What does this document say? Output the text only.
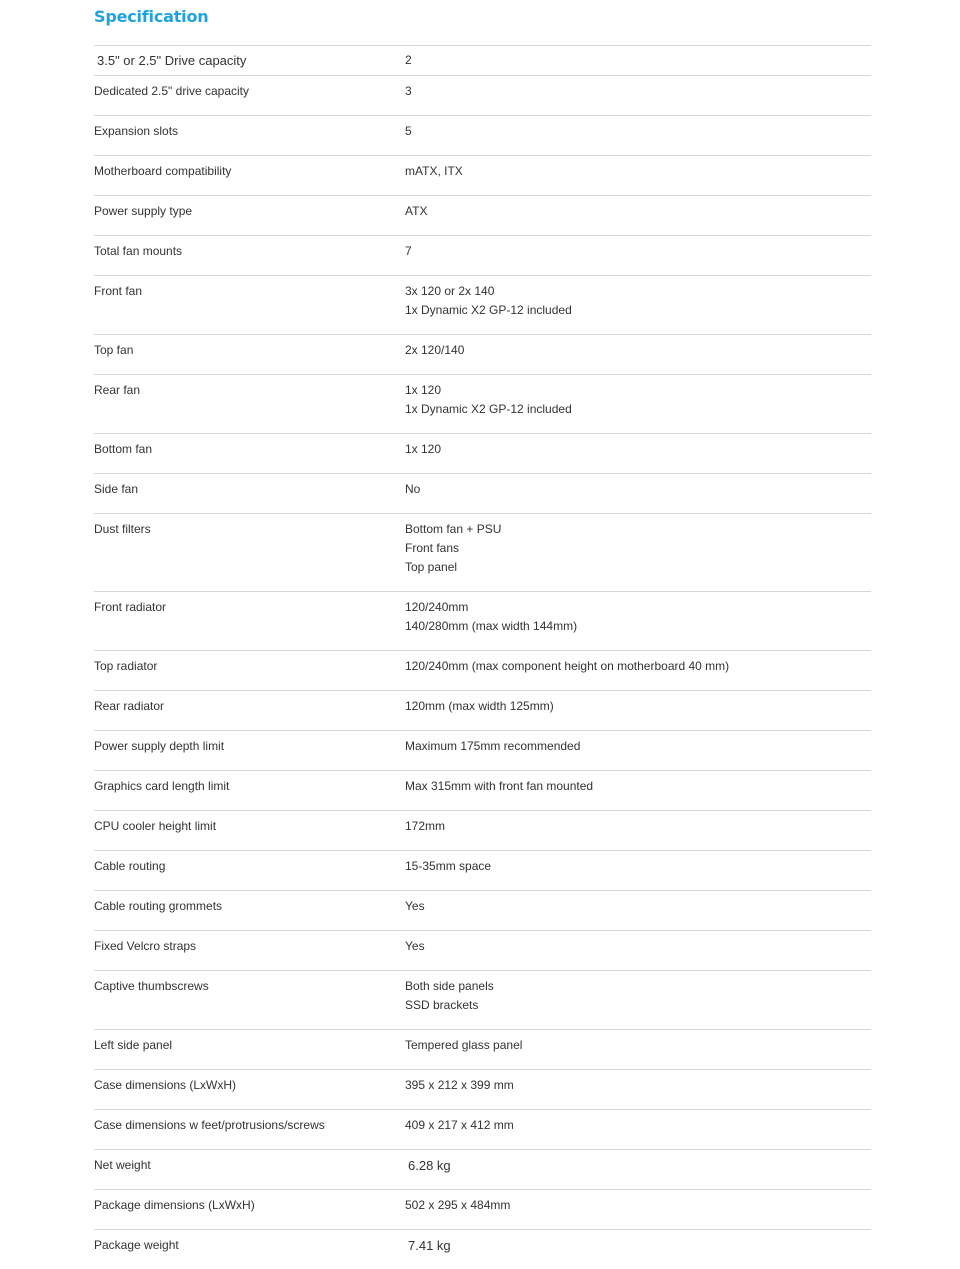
Specification
3.5" or 2.5" Drive capacity	2

Dedicated 2.5" drive capacity	3

Expansion slots	5

Motherboard compatibility	mATX, ITX

Power supply type	ATX

Total fan mounts	7

Front fan	3x 120 or 2x 140
1x Dynamic X2 GP-12 included

Top fan	2x 120/140

Rear fan	1x 120
1x Dynamic X2 GP-12 included

Bottom fan	1x 120

Side fan	No

Dust filters	Bottom fan + PSU
Front fans
Top panel

Front radiator	120/240mm
140/280mm (max width 144mm)

Top radiator	120/240mm (max component height on motherboard 40 mm)

Rear radiator	120mm (max width 125mm)

Power supply depth limit	Maximum 175mm recommended

Graphics card length limit	Max 315mm with front fan mounted

CPU cooler height limit	172mm

Cable routing	15-35mm space

Cable routing grommets	Yes

Fixed Velcro straps	Yes

Captive thumbscrews	Both side panels
SSD brackets

Left side panel	Tempered glass panel

Case dimensions (LxWxH)	395 x 212 x 399 mm

Case dimensions w feet/protrusions/screws	409 x 217 x 412 mm

Net weight	6.28 kg

Package dimensions (LxWxH)	502 x 295 x 484mm

Package weight	7.41 kg
